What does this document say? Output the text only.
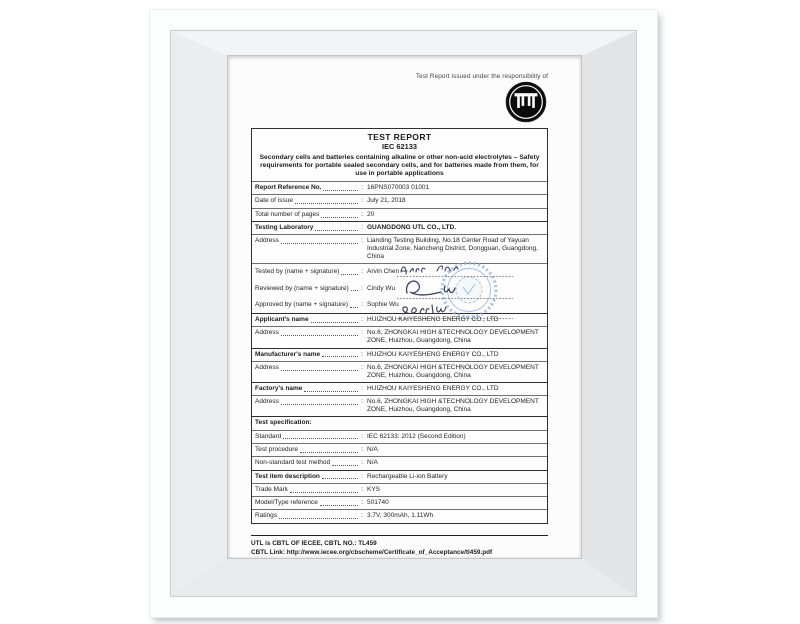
Test Report issued under the responsibility of
TEST REPORT
IEC 62133
Secondary cells and batteries containing alkaline or other non-acid electrolytes – Safety requirements for portable sealed secondary cells, and for batteries made from them, for use in portable applications
Report Reference No.	: 16PNS070003 01001
Date of issue	: July 21, 2018
Total number of pages	: 20
Testing Laboratory	: GUANGDONG UTL CO., LTD.
Address	: Lianding Testing Building, No.18 Center Road of Yayuan Industrial Zone, Nancheng District, Dongguan, Guangdong, China
Tested by (name + signature)	: Arvin Chen
Reviewed by (name + signature)	: Cindy Wu
Approved by (name + signature)	: Sophie Wu
Applicant's name	: HUIZHOU KAIYESHENG ENERGY CO., LTD
Address	: No.6, ZHONGKAI HIGH &TECHNOLOGY DEVELOPMENT ZONE, Huizhou, Guangdong, China
Manufacturer's name	: HUIZHOU KAIYESHENG ENERGY CO., LTD
Address	: No.6, ZHONGKAI HIGH &TECHNOLOGY DEVELOPMENT ZONE, Huizhou, Guangdong, China
Factory's name	: HUIZHOU KAIYESHENG ENERGY CO., LTD
Address	: No.6, ZHONGKAI HIGH &TECHNOLOGY DEVELOPMENT ZONE, Huizhou, Guangdong, China
Test specification:
Standard	: IEC 62133: 2012 (Second Edition)
Test procedure	: N/A
Non-standard test method	: N/A
Test item description	: Rechargeable Li-ion Battery
Trade Mark	: KYS
Model/Type reference	: 501740
Ratings	: 3.7V, 300mAh, 1.11Wh
UTL is CBTL OF IECEE, CBTL NO.: TL459
CBTL Link: http://www.iecee.org/cbscheme/Certificate_of_Acceptance/tl459.pdf
